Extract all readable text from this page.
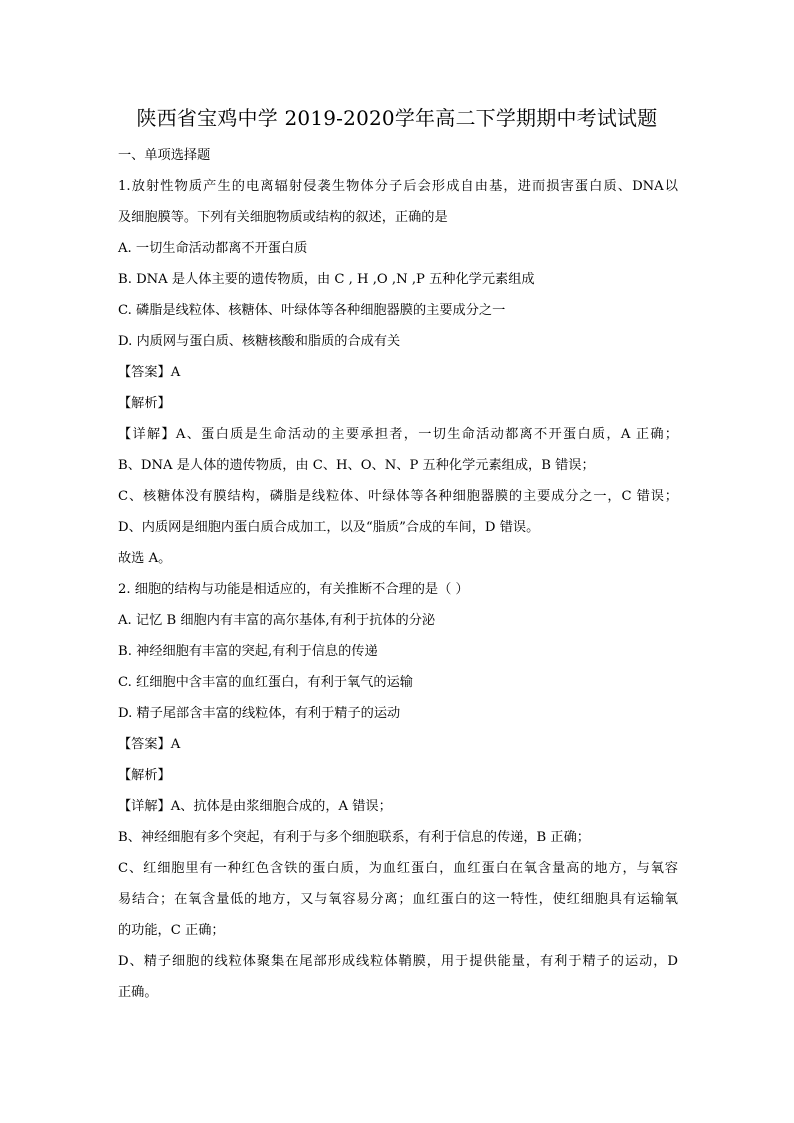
陕西省宝鸡中学 2019-2020学年高二下学期期中考试试题
一、单项选择题
1.放射性物质产生的电离辐射侵袭生物体分子后会形成自由基，进而损害蛋白质、DNA以
及细胞膜等。下列有关细胞物质或结构的叙述，正确的是
A. 一切生命活动都离不开蛋白质
B. DNA 是人体主要的遗传物质，由 C , H ,O ,N ,P 五种化学元素组成
C. 磷脂是线粒体、核糖体、叶绿体等各种细胞器膜的主要成分之一
D. 内质网与蛋白质、核糖核酸和脂质的合成有关
【答案】A
【解析】
【详解】A、蛋白质是生命活动的主要承担者，一切生命活动都离不开蛋白质，A 正确；
B、DNA 是人体的遗传物质，由 C、H、O、N、P 五种化学元素组成，B 错误；
C、核糖体没有膜结构，磷脂是线粒体、叶绿体等各种细胞器膜的主要成分之一，C 错误；
D、内质网是细胞内蛋白质合成加工，以及“脂质”合成的车间，D 错误。
故选 A。
2. 细胞的结构与功能是相适应的，有关推断不合理的是（ ）
A. 记忆 B 细胞内有丰富的高尔基体,有利于抗体的分泌
B. 神经细胞有丰富的突起,有利于信息的传递
C. 红细胞中含丰富的血红蛋白，有利于氧气的运输
D. 精子尾部含丰富的线粒体，有利于精子的运动
【答案】A
【解析】
【详解】A、抗体是由浆细胞合成的，A 错误；
B、神经细胞有多个突起，有利于与多个细胞联系，有利于信息的传递，B 正确；
C、红细胞里有一种红色含铁的蛋白质，为血红蛋白，血红蛋白在氧含量高的地方，与氧容
易结合；在氧含量低的地方，又与氧容易分离；血红蛋白的这一特性，使红细胞具有运输氧
的功能，C 正确；
D、精子细胞的线粒体聚集在尾部形成线粒体鞘膜，用于提供能量，有利于精子的运动，D
正确。
